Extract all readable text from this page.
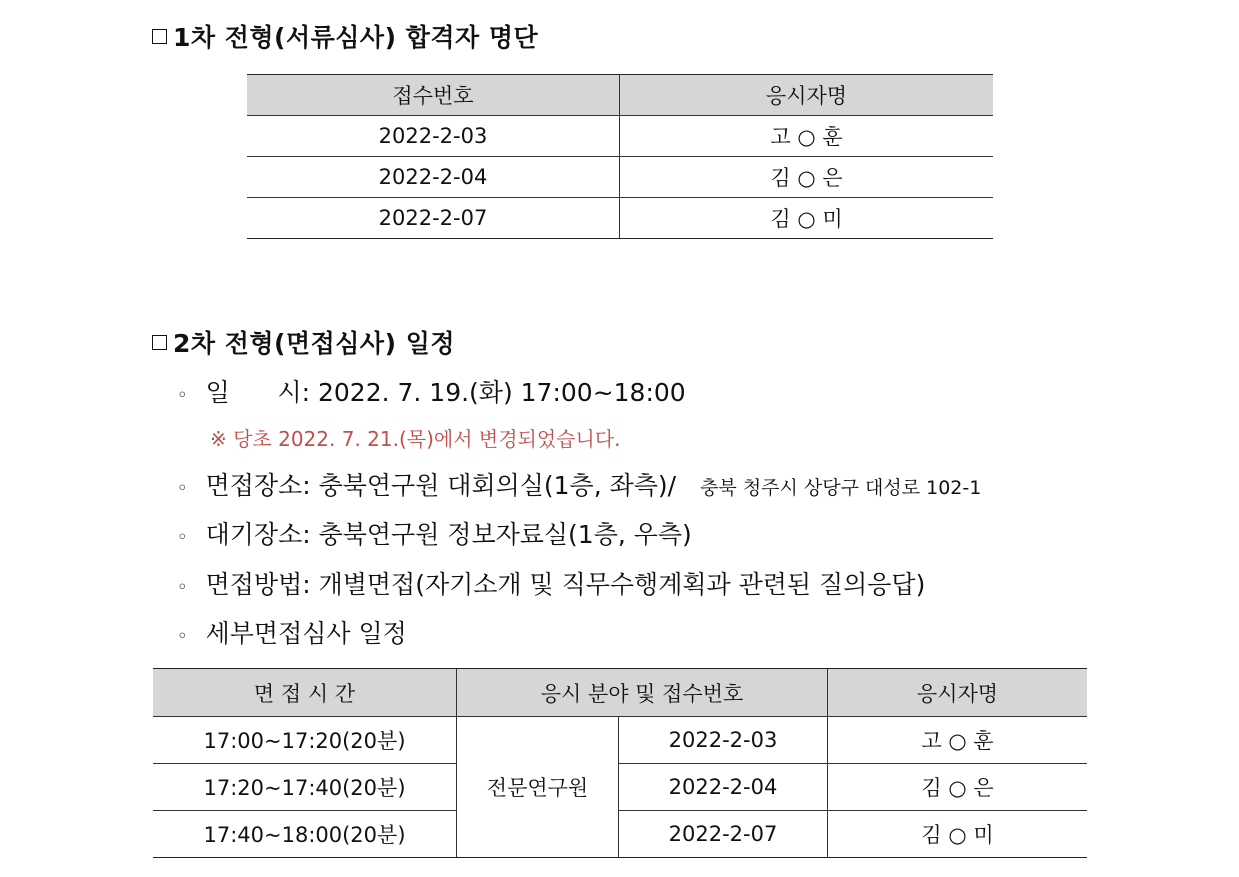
1차 전형(서류심사) 합격자 명단
접수번호	응시자명
2022-2-03	고 ○ 훈
2022-2-04	김 ○ 은
2022-2-07	김 ○ 미
2차 전형(면접심사) 일정
◦ 일      시: 2022. 7. 19.(화) 17:00~18:00
※ 당초 2022. 7. 21.(목)에서 변경되었습니다.
◦ 면접장소: 충북연구원 대회의실(1층, 좌측)/ 충북 청주시 상당구 대성로 102-1
◦ 대기장소: 충북연구원 정보자료실(1층, 우측)
◦ 면접방법: 개별면접(자기소개 및 직무수행계획과 관련된 질의응답)
◦ 세부면접심사 일정
면 접 시 간	응시 분야 및 접수번호		응시자명
17:00~17:20(20분)	전문연구원	2022-2-03	고 ○ 훈
17:20~17:40(20분)		2022-2-04	김 ○ 은
17:40~18:00(20분)		2022-2-07	김 ○ 미
